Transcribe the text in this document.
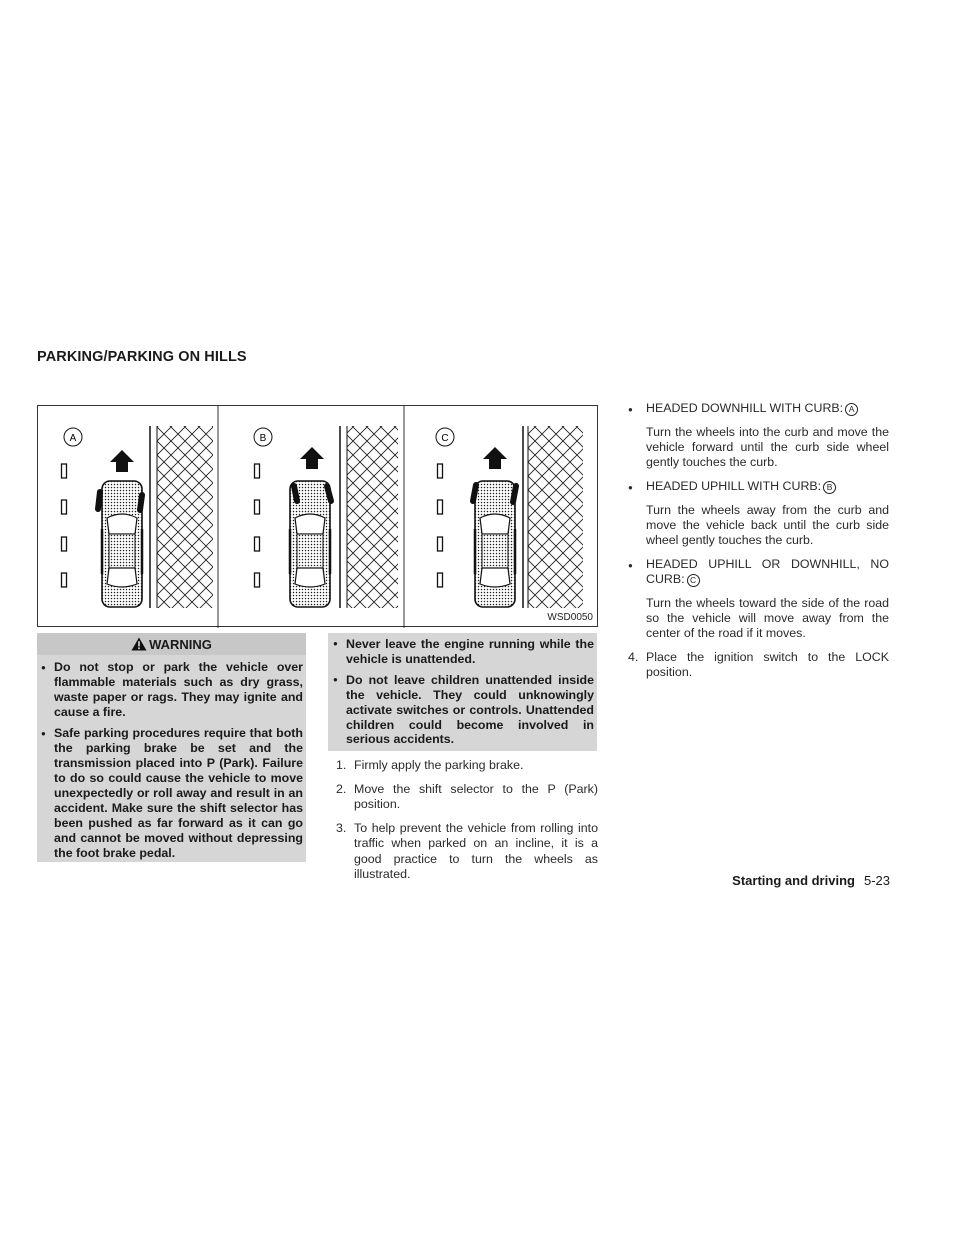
PARKING/PARKING ON HILLS
A	B	C
WSD0050
WARNING
● Do not stop or park the vehicle over flammable materials such as dry grass, waste paper or rags. They may ignite and cause a fire.
● Safe parking procedures require that both the parking brake be set and the transmission placed into P (Park). Failure to do so could cause the vehicle to move unexpectedly or roll away and result in an accident. Make sure the shift selector has been pushed as far forward as it can go and cannot be moved without depressing the foot brake pedal.
● Never leave the engine running while the vehicle is unattended.
● Do not leave children unattended inside the vehicle. They could unknowingly activate switches or controls. Unattended children could become involved in serious accidents.
1. Firmly apply the parking brake.
2. Move the shift selector to the P (Park) position.
3. To help prevent the vehicle from rolling into traffic when parked on an incline, it is a good practice to turn the wheels as illustrated.
● HEADED DOWNHILL WITH CURB: A
Turn the wheels into the curb and move the vehicle forward until the curb side wheel gently touches the curb.
● HEADED UPHILL WITH CURB: B
Turn the wheels away from the curb and move the vehicle back until the curb side wheel gently touches the curb.
● HEADED UPHILL OR DOWNHILL, NO CURB: C
Turn the wheels toward the side of the road so the vehicle will move away from the center of the road if it moves.
4. Place the ignition switch to the LOCK position.
Starting and driving 5-23
